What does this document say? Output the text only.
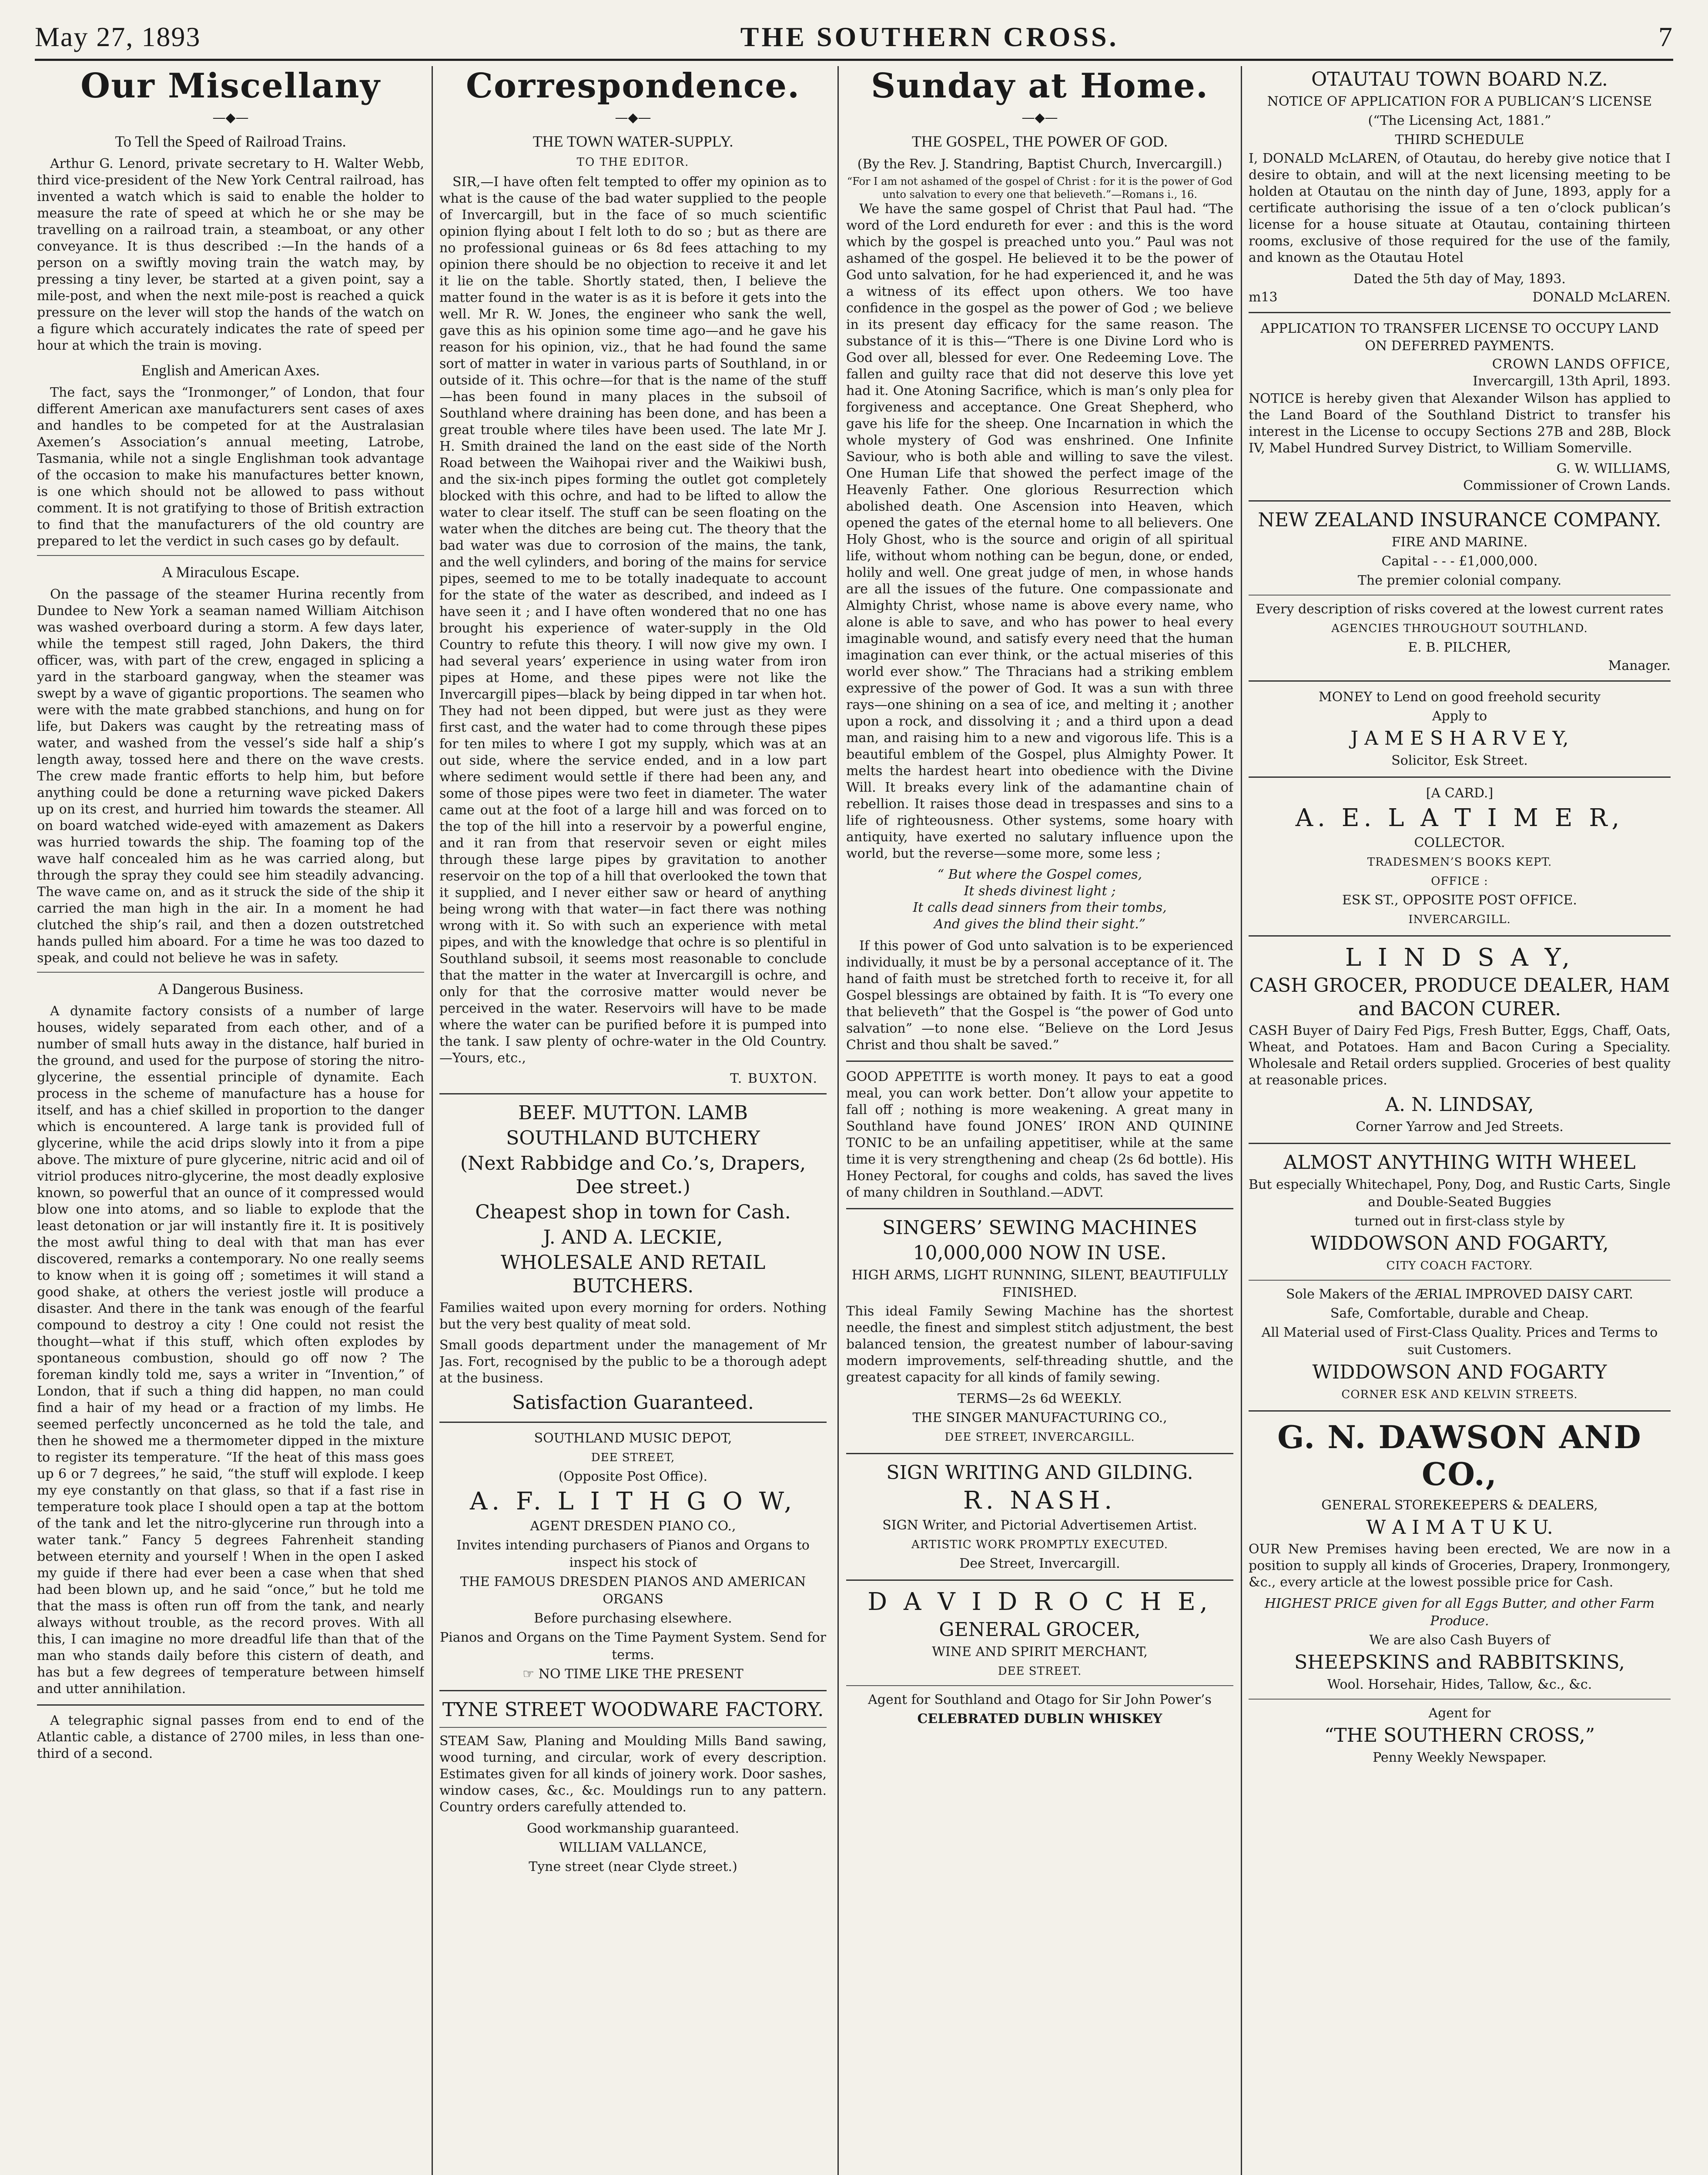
May 27, 1893	THE SOUTHERN CROSS.	7
Our Miscellany
—◆—
To Tell the Speed of Railroad Trains.

Arthur G. Lenord, private secretary to H. Walter Webb, third vice-president of the New York Central railroad, has invented a watch which is said to enable the holder to measure the rate of speed at which he or she may be travelling on a railroad train, a steamboat, or any other conveyance. It is thus described :—In the hands of a person on a swiftly moving train the watch may, by pressing a tiny lever, be started at a given point, say a mile-post, and when the next mile-post is reached a quick pressure on the lever will stop the hands of the watch on a figure which accurately indicates the rate of speed per hour at which the train is moving.

English and American Axes.

The fact, says the “Ironmonger,” of London, that four different American axe manufacturers sent cases of axes and handles to be competed for at the Australasian Axemen’s Association’s annual meeting, Latrobe, Tasmania, while not a single Englishman took advantage of the occasion to make his manufactures better known, is one which should not be allowed to pass without comment. It is not gratifying to those of British extraction to find that the manufacturers of the old country are prepared to let the verdict in such cases go by default.

A Miraculous Escape.

On the passage of the steamer Hurina recently from Dundee to New York a seaman named William Aitchison was washed overboard during a storm. A few days later, while the tempest still raged, John Dakers, the third officer, was, with part of the crew, engaged in splicing a yard in the starboard gangway, when the steamer was swept by a wave of gigantic proportions. The seamen who were with the mate grabbed stanchions, and hung on for life, but Dakers was caught by the retreating mass of water, and washed from the vessel’s side half a ship’s length away, tossed here and there on the wave crests. The crew made frantic efforts to help him, but before anything could be done a returning wave picked Dakers up on its crest, and hurried him towards the steamer. All on board watched wide-eyed with amazement as Dakers was hurried towards the ship. The foaming top of the wave half concealed him as he was carried along, but through the spray they could see him steadily advancing. The wave came on, and as it struck the side of the ship it carried the man high in the air. In a moment he had clutched the ship’s rail, and then a dozen outstretched hands pulled him aboard. For a time he was too dazed to speak, and could not believe he was in safety.

A Dangerous Business.

A dynamite factory consists of a number of large houses, widely separated from each other, and of a number of small huts away in the distance, half buried in the ground, and used for the purpose of storing the nitro-glycerine, the essential principle of dynamite. Each process in the scheme of manufacture has a house for itself, and has a chief skilled in proportion to the danger which is encountered. A large tank is provided full of glycerine, while the acid drips slowly into it from a pipe above. The mixture of pure glycerine, nitric acid and oil of vitriol produces nitro-glycerine, the most deadly explosive known, so powerful that an ounce of it compressed would blow one into atoms, and so liable to explode that the least detonation or jar will instantly fire it. It is positively the most awful thing to deal with that man has ever discovered, remarks a contemporary. No one really seems to know when it is going off ; sometimes it will stand a good shake, at others the veriest jostle will produce a disaster. And there in the tank was enough of the fearful compound to destroy a city ! One could not resist the thought—what if this stuff, which often explodes by spontaneous combustion, should go off now ? The foreman kindly told me, says a writer in “Invention,” of London, that if such a thing did happen, no man could find a hair of my head or a fraction of my limbs. He seemed perfectly unconcerned as he told the tale, and then he showed me a thermometer dipped in the mixture to register its temperature. “If the heat of this mass goes up 6 or 7 degrees,” he said, “the stuff will explode. I keep my eye constantly on that glass, so that if a fast rise in temperature took place I should open a tap at the bottom of the tank and let the nitro-glycerine run through into a water tank.” Fancy 5 degrees Fahrenheit standing between eternity and yourself ! When in the open I asked my guide if there had ever been a case when that shed had been blown up, and he said “once,” but he told me that the mass is often run off from the tank, and nearly always without trouble, as the record proves. With all this, I can imagine no more dreadful life than that of the man who stands daily before this cistern of death, and has but a few degrees of temperature between himself and utter annihilation.

A telegraphic signal passes from end to end of the Atlantic cable, a distance of 2700 miles, in less than one-third of a second.

Correspondence.
—◆—
THE TOWN WATER-SUPPLY.
TO THE EDITOR.

SIR,—I have often felt tempted to offer my opinion as to what is the cause of the bad water supplied to the people of Invercargill, but in the face of so much scientific opinion flying about I felt loth to do so ; but as there are no professional guineas or 6s 8d fees attaching to my opinion there should be no objection to receive it and let it lie on the table. Shortly stated, then, I believe the matter found in the water is as it is before it gets into the well. Mr R. W. Jones, the engineer who sank the well, gave this as his opinion some time ago—and he gave his reason for his opinion, viz., that he had found the same sort of matter in water in various parts of Southland, in or outside of it. This ochre—for that is the name of the stuff—has been found in many places in the subsoil of Southland where draining has been done, and has been a great trouble where tiles have been used. The late Mr J. H. Smith drained the land on the east side of the North Road between the Waihopai river and the Waikiwi bush, and the six-inch pipes forming the outlet got completely blocked with this ochre, and had to be lifted to allow the water to clear itself. The stuff can be seen floating on the water when the ditches are being cut. The theory that the bad water was due to corrosion of the mains, the tank, and the well cylinders, and boring of the mains for service pipes, seemed to me to be totally inadequate to account for the state of the water as described, and indeed as I have seen it ; and I have often wondered that no one has brought his experience of water-supply in the Old Country to refute this theory. I will now give my own. I had several years’ experience in using water from iron pipes at Home, and these pipes were not like the Invercargill pipes—black by being dipped in tar when hot. They had not been dipped, but were just as they were first cast, and the water had to come through these pipes for ten miles to where I got my supply, which was at an out side, where the service ended, and in a low part where sediment would settle if there had been any, and some of those pipes were two feet in diameter. The water came out at the foot of a large hill and was forced on to the top of the hill into a reservoir by a powerful engine, and it ran from that reservoir seven or eight miles through these large pipes by gravitation to another reservoir on the top of a hill that overlooked the town that it supplied, and I never either saw or heard of anything being wrong with that water—in fact there was nothing wrong with it. So with such an experience with metal pipes, and with the knowledge that ochre is so plentiful in Southland subsoil, it seems most reasonable to conclude that the matter in the water at Invercargill is ochre, and only for that the corrosive matter would never be perceived in the water. Reservoirs will have to be made where the water can be purified before it is pumped into the tank. I saw plenty of ochre-water in the Old Country.—Yours, etc.,

T. BUXTON.
BEEF. MUTTON. LAMB
SOUTHLAND BUTCHERY
(Next Rabbidge and Co.’s, Drapers, Dee street.)
Cheapest shop in town for Cash.
J. AND A. LECKIE,
WHOLESALE AND RETAIL BUTCHERS.

Families waited upon every morning for orders. Nothing but the very best quality of meat sold.

Small goods department under the management of Mr Jas. Fort, recognised by the public to be a thorough adept at the business.

Satisfaction Guaranteed.
SOUTHLAND MUSIC DEPOT,
DEE STREET,
(Opposite Post Office).
A. F. L I T H G O W,
AGENT DRESDEN PIANO CO.,
Invites intending purchasers of Pianos and Organs to inspect his stock of
THE FAMOUS DRESDEN PIANOS AND AMERICAN ORGANS
Before purchasing elsewhere.
Pianos and Organs on the Time Payment System. Send for terms.
☞ NO TIME LIKE THE PRESENT
TYNE STREET WOODWARE FACTORY.

STEAM Saw, Planing and Moulding Mills Band sawing, wood turning, and circular, work of every description. Estimates given for all kinds of joinery work. Door sashes, window cases, &c., &c. Mouldings run to any pattern. Country orders carefully attended to.

Good workmanship guaranteed.
WILLIAM VALLANCE,
Tyne street (near Clyde street.)
Sunday at Home.
—◆—
THE GOSPEL, THE POWER OF GOD.
(By the Rev. J. Standring, Baptist Church, Invercargill.)
“For I am not ashamed of the gospel of Christ : for it is the power of God unto salvation to every one that believeth.”—Romans i., 16.

We have the same gospel of Christ that Paul had. “The word of the Lord endureth for ever : and this is the word which by the gospel is preached unto you.” Paul was not ashamed of the gospel. He believed it to be the power of God unto salvation, for he had experienced it, and he was a witness of its effect upon others. We too have confidence in the gospel as the power of God ; we believe in its present day efficacy for the same reason. The substance of it is this—“There is one Divine Lord who is God over all, blessed for ever. One Redeeming Love. The fallen and guilty race that did not deserve this love yet had it. One Atoning Sacrifice, which is man’s only plea for forgiveness and acceptance. One Great Shepherd, who gave his life for the sheep. One Incarnation in which the whole mystery of God was enshrined. One Infinite Saviour, who is both able and willing to save the vilest. One Human Life that showed the perfect image of the Heavenly Father. One glorious Resurrection which abolished death. One Ascension into Heaven, which opened the gates of the eternal home to all believers. One Holy Ghost, who is the source and origin of all spiritual life, without whom nothing can be begun, done, or ended, holily and well. One great judge of men, in whose hands are all the issues of the future. One compassionate and Almighty Christ, whose name is above every name, who alone is able to save, and who has power to heal every imaginable wound, and satisfy every need that the human imagination can ever think, or the actual miseries of this world ever show.” The Thracians had a striking emblem expressive of the power of God. It was a sun with three rays—one shining on a sea of ice, and melting it ; another upon a rock, and dissolving it ; and a third upon a dead man, and raising him to a new and vigorous life. This is a beautiful emblem of the Gospel, plus Almighty Power. It melts the hardest heart into obedience with the Divine Will. It breaks every link of the adamantine chain of rebellion. It raises those dead in trespasses and sins to a life of righteousness. Other systems, some hoary with antiquity, have exerted no salutary influence upon the world, but the reverse—some more, some less ;

“ But where the Gospel comes,
It sheds divinest light ;
It calls dead sinners from their tombs,
And gives the blind their sight.”

If this power of God unto salvation is to be experienced individually, it must be by a personal acceptance of it. The hand of faith must be stretched forth to receive it, for all Gospel blessings are obtained by faith. It is “To every one that believeth” that the Gospel is “the power of God unto salvation” —to none else. “Believe on the Lord Jesus Christ and thou shalt be saved.”

GOOD APPETITE is worth money. It pays to eat a good meal, you can work better. Don’t allow your appetite to fall off ; nothing is more weakening. A great many in Southland have found JONES’ IRON AND QUININE TONIC to be an unfailing appetitiser, while at the same time it is very strengthening and cheap (2s 6d bottle). His Honey Pectoral, for coughs and colds, has saved the lives of many children in Southland.—ADVT.

SINGERS’ SEWING MACHINES
10,000,000 NOW IN USE.
HIGH ARMS, LIGHT RUNNING, SILENT, BEAUTIFULLY FINISHED.

This ideal Family Sewing Machine has the shortest needle, the finest and simplest stitch adjustment, the best balanced tension, the greatest number of labour-saving modern improvements, self-threading shuttle, and the greatest capacity for all kinds of family sewing.

TERMS—2s 6d WEEKLY.
THE SINGER MANUFACTURING CO.,
DEE STREET, INVERCARGILL.
SIGN WRITING AND GILDING.
R. NASH.
SIGN Writer, and Pictorial Advertisemen Artist.
ARTISTIC WORK PROMPTLY EXECUTED.
Dee Street, Invercargill.
D A V I D R O C H E,
GENERAL GROCER,
WINE AND SPIRIT MERCHANT,
DEE STREET.
Agent for Southland and Otago for Sir John Power’s
CELEBRATED DUBLIN WHISKEY
OTAUTAU TOWN BOARD N.Z.
NOTICE OF APPLICATION FOR A PUBLICAN’S LICENSE
(“The Licensing Act, 1881.”
THIRD SCHEDULE

I, DONALD McLAREN, of Otautau, do hereby give notice that I desire to obtain, and will at the next licensing meeting to be holden at Otautau on the ninth day of June, 1893, apply for a certificate authorising the issue of a ten o’clock publican’s license for a house situate at Otautau, containing thirteen rooms, exclusive of those required for the use of the family, and known as the Otautau Hotel

Dated the 5th day of May, 1893.
m13	DONALD McLAREN.
APPLICATION TO TRANSFER LICENSE TO OCCUPY LAND ON DEFERRED PAYMENTS.
CROWN LANDS OFFICE,
Invercargill, 13th April, 1893.

NOTICE is hereby given that Alexander Wilson has applied to the Land Board of the Southland District to transfer his interest in the License to occupy Sections 27B and 28B, Block IV, Mabel Hundred Survey District, to William Somerville.

G. W. WILLIAMS,
Commissioner of Crown Lands.
NEW ZEALAND INSURANCE COMPANY.
FIRE AND MARINE.
Capital - - - £1,000,000.
The premier colonial company.
Every description of risks covered at the lowest current rates
AGENCIES THROUGHOUT SOUTHLAND.
E. B. PILCHER,
Manager.
MONEY to Lend on good freehold security
Apply to
J A M E S H A R V E Y,
Solicitor, Esk Street.
[A CARD.]
A. E. L A T I M E R,
COLLECTOR.
TRADESMEN’S BOOKS KEPT.
OFFICE :
ESK ST., OPPOSITE POST OFFICE.
INVERCARGILL.
L I N D S A Y,
CASH GROCER, PRODUCE DEALER, HAM and BACON CURER.

CASH Buyer of Dairy Fed Pigs, Fresh Butter, Eggs, Chaff, Oats, Wheat, and Potatoes. Ham and Bacon Curing a Speciality. Wholesale and Retail orders supplied. Groceries of best quality at reasonable prices.

A. N. LINDSAY,
Corner Yarrow and Jed Streets.
ALMOST ANYTHING WITH WHEEL
But especially Whitechapel, Pony, Dog, and Rustic Carts, Single and Double-Seated Buggies
turned out in first-class style by
WIDDOWSON AND FOGARTY,
CITY COACH FACTORY.
Sole Makers of the ÆRIAL IMPROVED DAISY CART.
Safe, Comfortable, durable and Cheap.
All Material used of First-Class Quality. Prices and Terms to suit Customers.
WIDDOWSON AND FOGARTY
CORNER ESK AND KELVIN STREETS.
G. N. DAWSON AND CO.,
GENERAL STOREKEEPERS & DEALERS,
W A I M A T U K U.

OUR New Premises having been erected, We are now in a position to supply all kinds of Groceries, Drapery, Ironmongery, &c., every article at the lowest possible price for Cash.

HIGHEST PRICE given for all Eggs Butter, and other Farm Produce.
We are also Cash Buyers of
SHEEPSKINS and RABBITSKINS,
Wool. Horsehair, Hides, Tallow, &c., &c.
Agent for
“THE SOUTHERN CROSS,”
Penny Weekly Newspaper.
